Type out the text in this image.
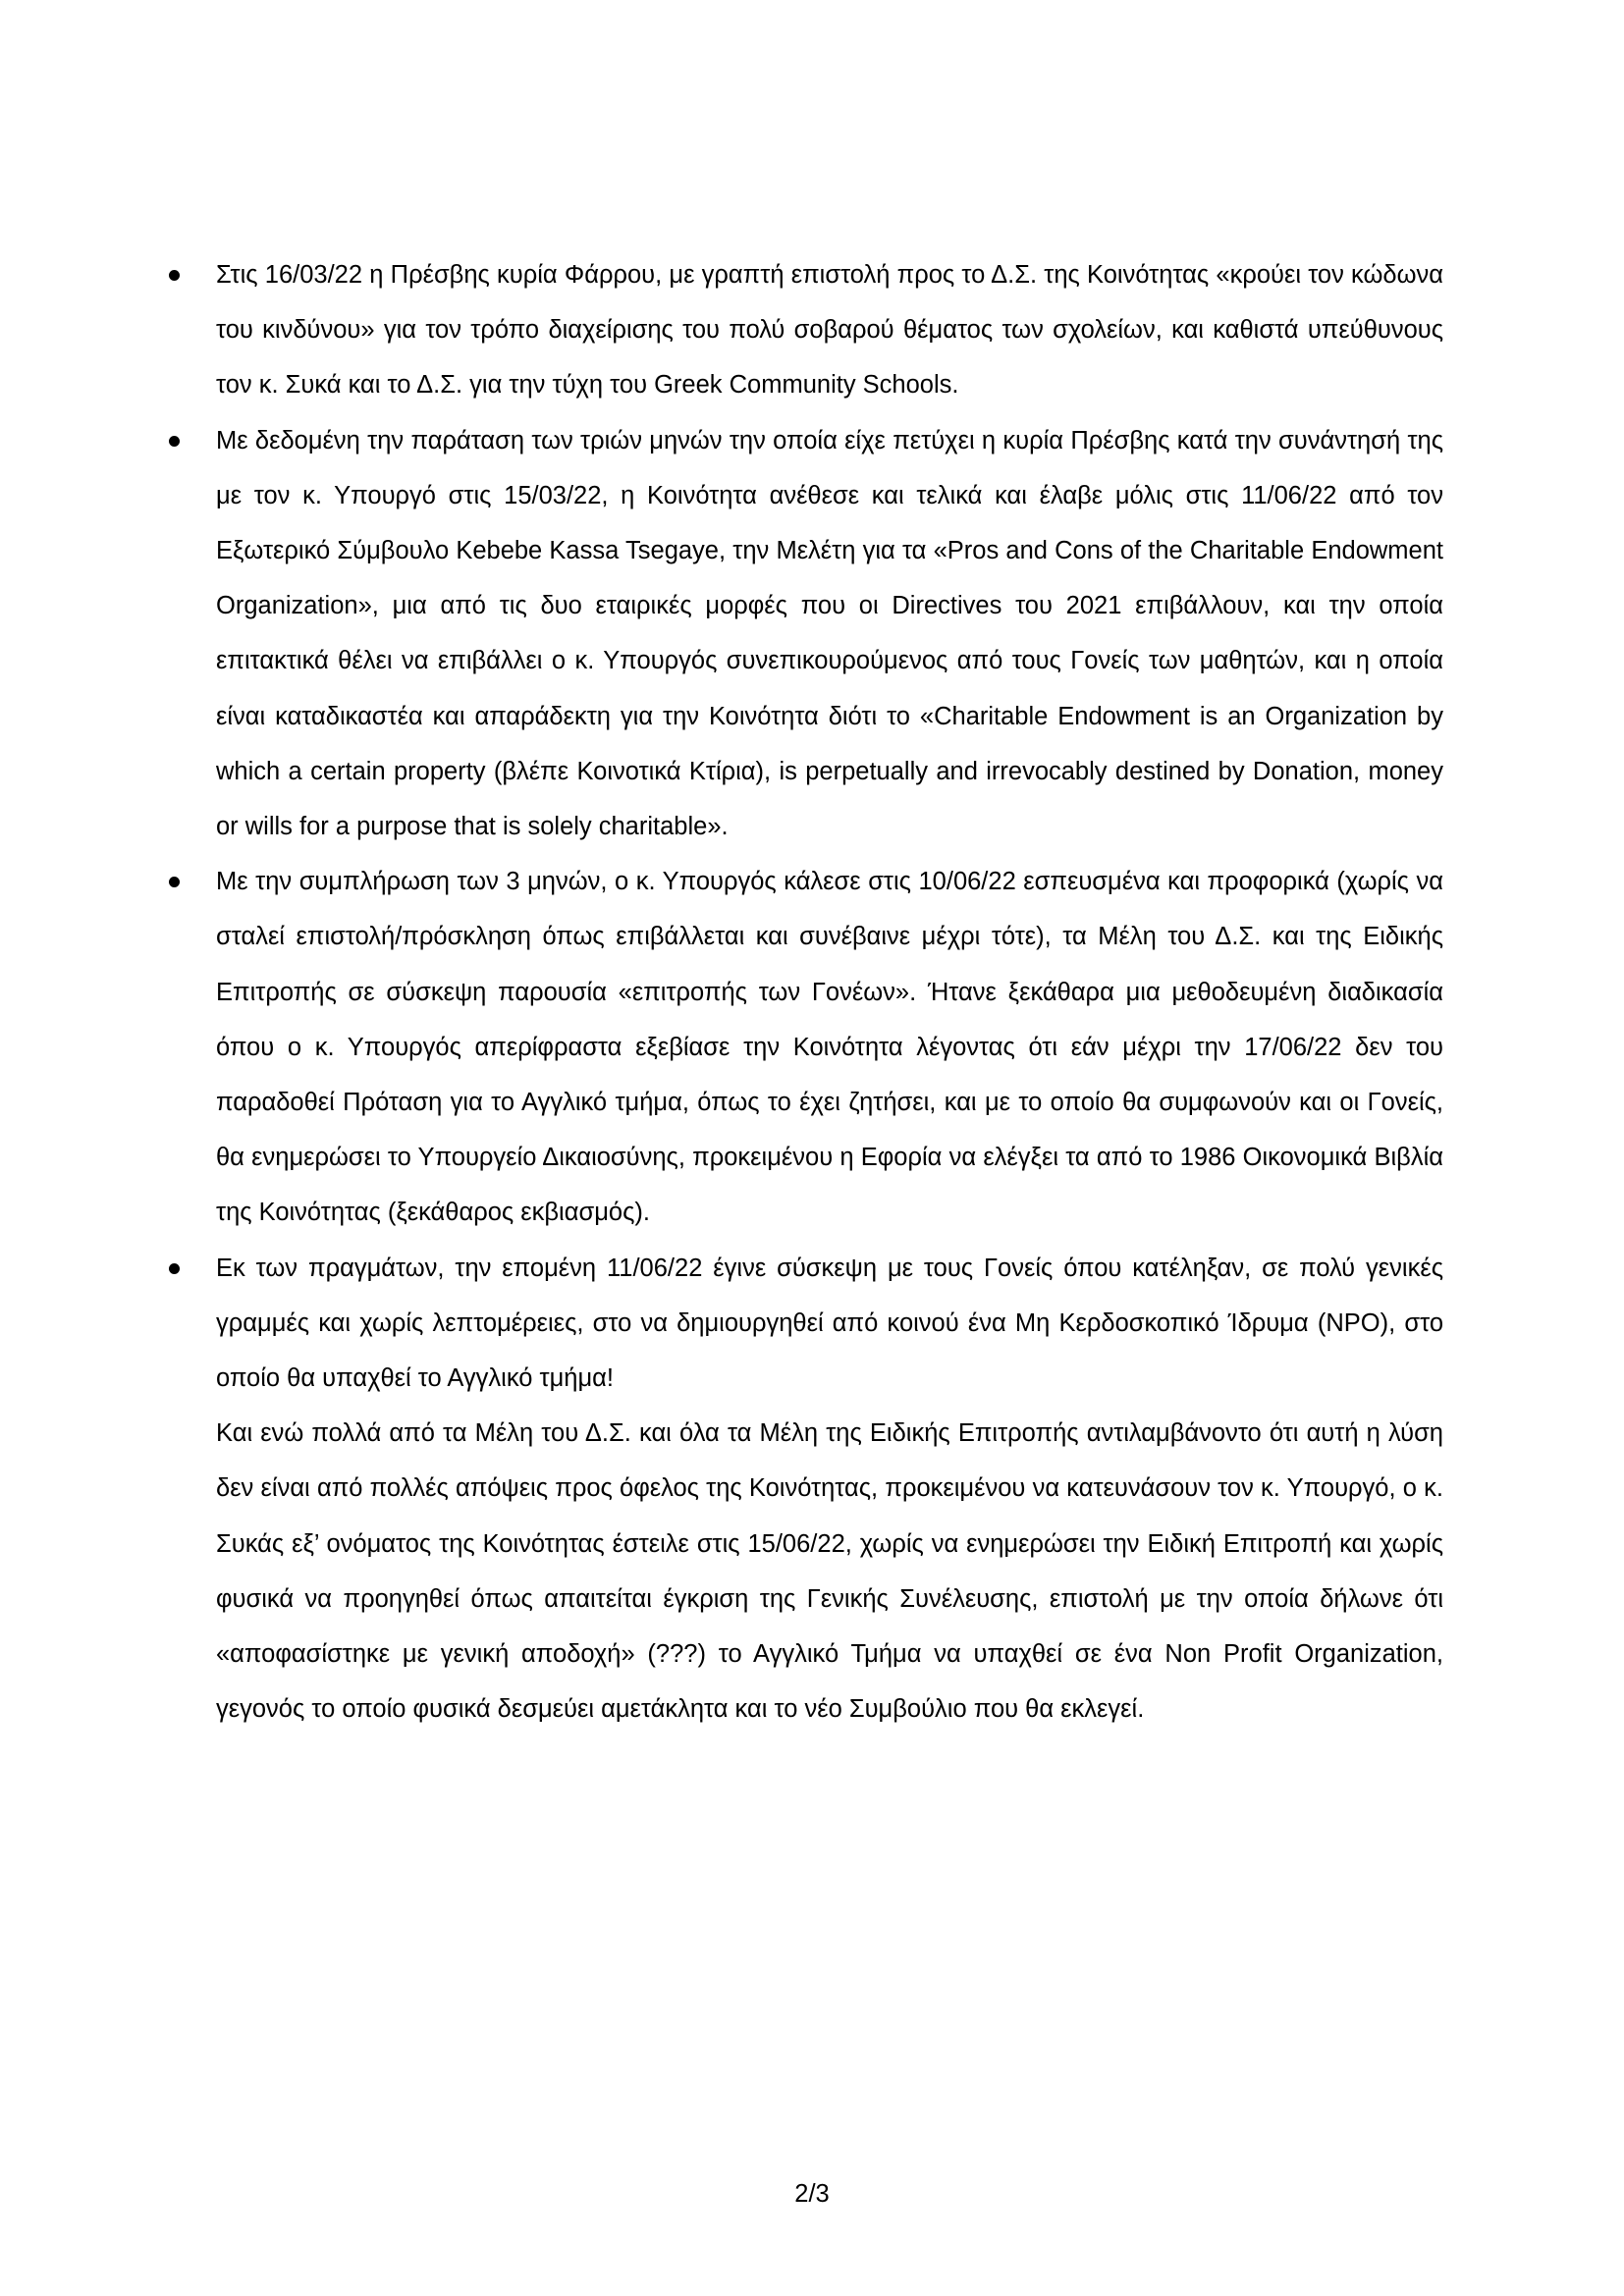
Στις 16/03/22 η Πρέσβης κυρία Φάρρου, με γραπτή επιστολή προς το Δ.Σ. της Κοινότητας «κρούει τον κώδωνα του κινδύνου» για τον τρόπο διαχείρισης του πολύ σοβαρού θέματος των σχολείων, και καθιστά υπεύθυνους τον κ. Συκά και το Δ.Σ. για την τύχη του Greek Community Schools.

Με δεδομένη την παράταση των τριών μηνών την οποία είχε πετύχει η κυρία Πρέσβης κατά την συνάντησή της με τον κ. Υπουργό στις 15/03/22, η Κοινότητα ανέθεσε και τελικά και έλαβε μόλις στις 11/06/22 από τον Εξωτερικό Σύμβουλο Kebebe Kassa Tsegaye, την Μελέτη για τα «Pros and Cons of the Charitable Endowment Organization», μια από τις δυο εταιρικές μορφές που οι Directives του 2021 επιβάλλουν, και την οποία επιτακτικά θέλει να επιβάλλει ο κ. Υπουργός συνεπικουρούμενος από τους Γονείς των μαθητών, και η οποία είναι καταδικαστέα και απαράδεκτη για την Κοινότητα διότι το «Charitable Endowment is an Organization by which a certain property (βλέπε Κοινοτικά Κτίρια), is perpetually and irrevocably destined by Donation, money or wills for a purpose that is solely charitable».

Με την συμπλήρωση των 3 μηνών, ο κ. Υπουργός κάλεσε στις 10/06/22 εσπευσμένα και προφορικά (χωρίς να σταλεί επιστολή/πρόσκληση όπως επιβάλλεται και συνέβαινε μέχρι τότε), τα Μέλη του Δ.Σ. και της Ειδικής Επιτροπής σε σύσκεψη παρουσία «επιτροπής των Γονέων». Ήτανε ξεκάθαρα μια μεθοδευμένη διαδικασία όπου ο κ. Υπουργός απερίφραστα εξεβίασε την Κοινότητα λέγοντας ότι εάν μέχρι την 17/06/22 δεν του παραδοθεί Πρόταση για το Αγγλικό τμήμα, όπως το έχει ζητήσει, και με το οποίο θα συμφωνούν και οι Γονείς, θα ενημερώσει το Υπουργείο Δικαιοσύνης, προκειμένου η Εφορία να ελέγξει τα από το 1986 Οικονομικά Βιβλία της Κοινότητας (ξεκάθαρος εκβιασμός).

Εκ των πραγμάτων, την επομένη 11/06/22 έγινε σύσκεψη με τους Γονείς όπου κατέληξαν, σε πολύ γενικές γραμμές και χωρίς λεπτομέρειες, στο να δημιουργηθεί από κοινού ένα Μη Κερδοσκοπικό Ίδρυμα (NPO), στο οποίο θα υπαχθεί το Αγγλικό τμήμα!

Και ενώ πολλά από τα Μέλη του Δ.Σ. και όλα τα Μέλη της Ειδικής Επιτροπής αντιλαμβάνοντο ότι αυτή η λύση δεν είναι από πολλές απόψεις προς όφελος της Κοινότητας, προκειμένου να κατευνάσουν τον κ. Υπουργό, ο κ. Συκάς εξ’ ονόματος της Κοινότητας έστειλε στις 15/06/22, χωρίς να ενημερώσει την Ειδική Επιτροπή και χωρίς φυσικά να προηγηθεί όπως απαιτείται έγκριση της Γενικής Συνέλευσης, επιστολή με την οποία δήλωνε ότι «αποφασίστηκε με γενική αποδοχή» (???) το Αγγλικό Τμήμα να υπαχθεί σε ένα Non Profit Organization, γεγονός το οποίο φυσικά δεσμεύει αμετάκλητα και το νέο Συμβούλιο που θα εκλεγεί.

2/3
